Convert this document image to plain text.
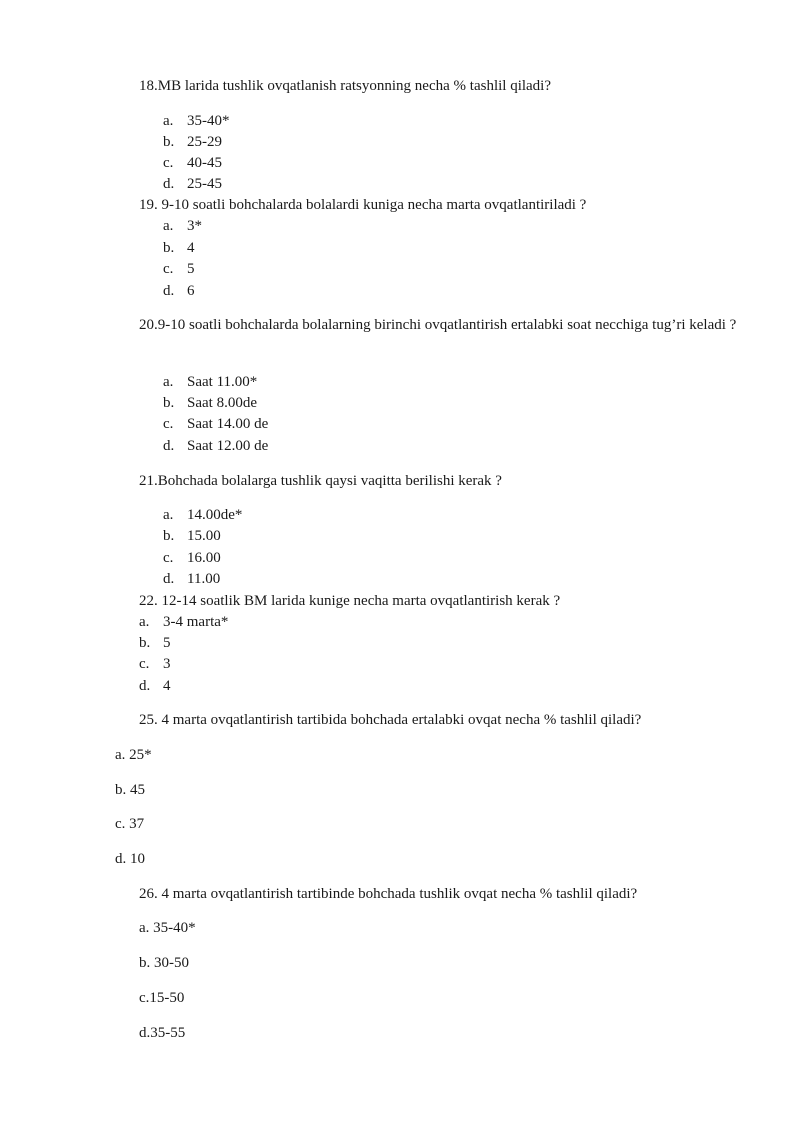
18.MB larida tushlik ovqatlanish ratsyonning necha % tashlil qiladi?
a. 35-40*
b. 25-29
c. 40-45
d. 25-45
19. 9-10 soatli bohchalarda bolalardi kuniga necha marta ovqatlantiriladi ?
a. 3*
b. 4
c. 5
d. 6
20.9-10 soatli bohchalarda bolalarning birinchi ovqatlantirish ertalabki soat necchiga tug’ri keladi ?
a. Saat 11.00*
b. Saat 8.00de
c. Saat 14.00 de
d. Saat 12.00 de
21.Bohchada bolalarga tushlik qaysi vaqitta berilishi kerak ?
a. 14.00de*
b. 15.00
c. 16.00
d. 11.00
22. 12-14 soatlik BM larida kunige necha marta ovqatlantirish kerak ?
a. 3-4 marta*
b. 5
c. 3
d. 4
25. 4 marta ovqatlantirish tartibida bohchada ertalabki ovqat necha % tashlil qiladi?
a. 25*
b. 45
c. 37
d. 10
26. 4 marta ovqatlantirish tartibinde bohchada tushlik ovqat necha % tashlil qiladi?
a. 35-40*
b. 30-50
c.15-50
d.35-55
